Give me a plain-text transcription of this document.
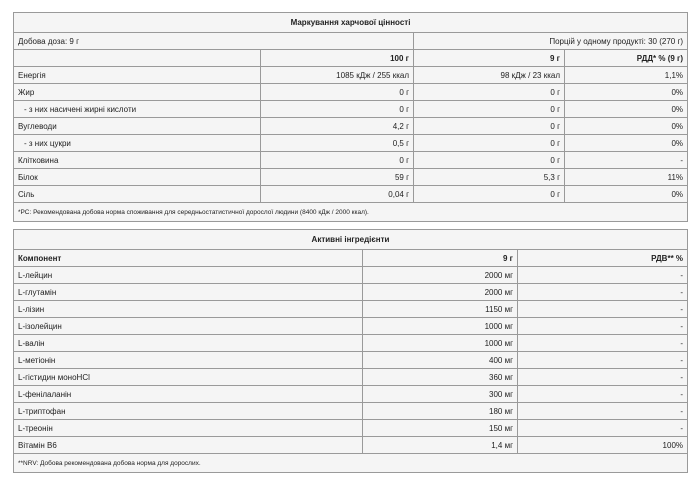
Маркування харчової цінності			
Добова доза: 9 г		Порцій у одному продукті: 30 (270 г)	
	100 г	9 г	РДД* % (9 г)
Енергія	1085 кДж / 255 ккал	98 кДж / 23 ккал	1,1%
Жир	0 г	0 г	0%
- з них насичені жирні кислоти	0 г	0 г	0%
Вуглеводи	4,2 г	0 г	0%
- з них цукри	0,5 г	0 г	0%
Клітковина	0 г	0 г	-
Білок	59 г	5,3 г	11%
Сіль	0,04 г	0 г	0%
*РС: Рекомендована добова норма споживання для середньостатистичної дорослої людини (8400 кДж / 2000 ккал).			
Активні інгредієнти		
Компонент	9 г	РДВ** %
L-лейцин	2000 мг	-
L-глутамін	2000 мг	-
L-лізин	1150 мг	-
L-ізолейцин	1000 мг	-
L-валін	1000 мг	-
L-метіонін	400 мг	-
L-гістидин моноHCl	360 мг	-
L-фенілаланін	300 мг	-
L-триптофан	180 мг	-
L-треонін	150 мг	-
Вітамін B6	1,4 мг	100%
**NRV: Добова рекомендована добова норма для дорослих.		
